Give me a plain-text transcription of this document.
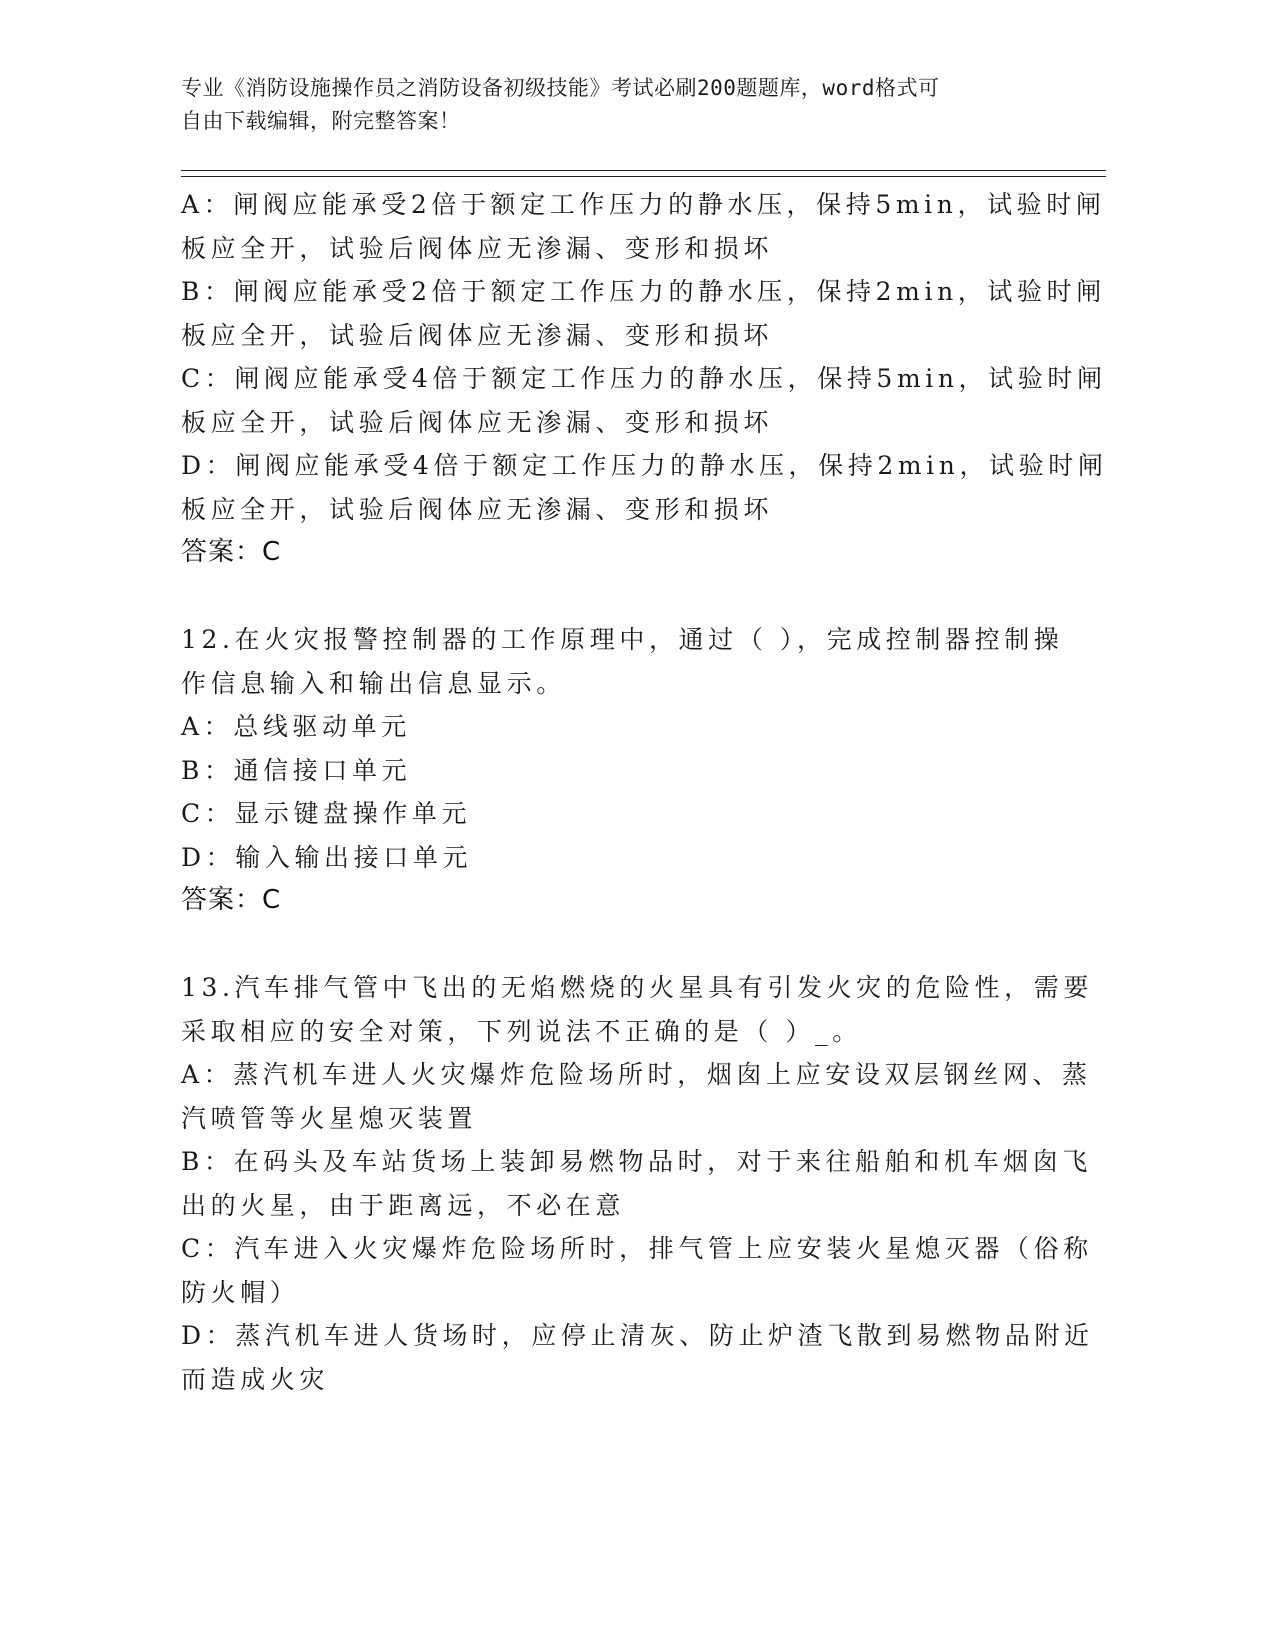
专业《消防设施操作员之消防设备初级技能》考试必刷200题题库，word格式可
自由下载编辑，附完整答案！
A：闸阀应能承受2倍于额定工作压力的静水压，保持5min，试验时闸
板应全开，试验后阀体应无渗漏、变形和损坏
B：闸阀应能承受2倍于额定工作压力的静水压，保持2min，试验时闸
板应全开，试验后阀体应无渗漏、变形和损坏
C：闸阀应能承受4倍于额定工作压力的静水压，保持5min，试验时闸
板应全开，试验后阀体应无渗漏、变形和损坏
D：闸阀应能承受4倍于额定工作压力的静水压，保持2min，试验时闸
板应全开，试验后阀体应无渗漏、变形和损坏
答案：C
12.在火灾报警控制器的工作原理中，通过（ ），完成控制器控制操
作信息输入和输出信息显示。
A：总线驱动单元
B：通信接口单元
C：显示键盘操作单元
D：输入输出接口单元
答案：C
13.汽车排气管中飞出的无焰燃烧的火星具有引发火灾的危险性，需要
采取相应的安全对策，下列说法不正确的是（ ）_。
A：蒸汽机车进人火灾爆炸危险场所时，烟囱上应安设双层钢丝网、蒸
汽喷管等火星熄灭装置
B：在码头及车站货场上装卸易燃物品时，对于来往船舶和机车烟囱飞
出的火星，由于距离远，不必在意
C：汽车进入火灾爆炸危险场所时，排气管上应安装火星熄灭器（俗称
防火帽）
D：蒸汽机车进人货场时，应停止清灰、防止炉渣飞散到易燃物品附近
而造成火灾
